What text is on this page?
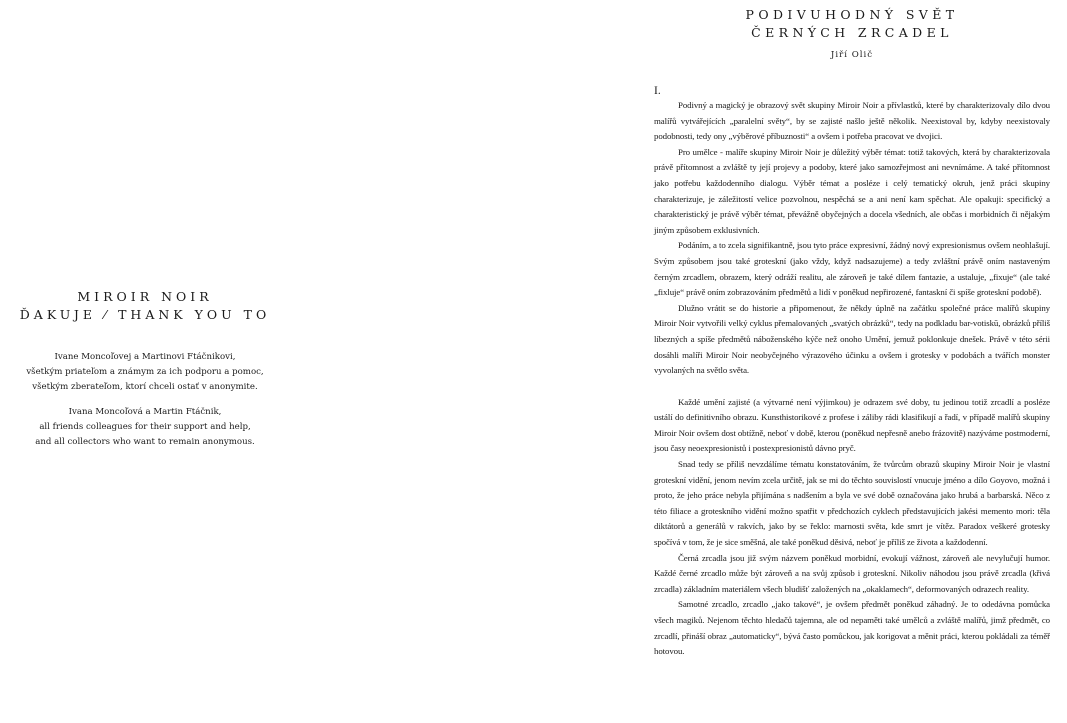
MIROIR NOIR
ĎAKUJE ⁄ THANK YOU TO
Ivane Moncoľovej a Martinovi Ftáčnikovi,
všetkým priateľom a známym za ich podporu a pomoc,
všetkým zberateľom, ktorí chceli ostať v anonymite.
Ivana Moncoľová a Martin Ftáčnik,
all friends colleagues for their support and help,
and all collectors who want to remain anonymous.
PODIVUHODNÝ SVĚT
ČERNÝCH ZRCADEL
Jiří Olič
I.

Podivný a magický je obrazový svět skupiny Miroir Noir a přívlastků, které by charakterizovaly dílo dvou malířů vytvářejících „paralelní světy“, by se zajisté našlo ještě několik. Neexistoval by, kdyby neexistovaly podobnosti, tedy ony „výběrové příbuznosti“ a ovšem i potřeba pracovat ve dvojici.

Pro umělce - malíře skupiny Miroir Noir je důležitý výběr témat: totiž takových, která by charakterizovala právě přítomnost a zvláště ty její projevy a podoby, které jako samozřejmost ani nevnímáme. A také přítomnost jako potřebu každodenního dialogu. Výběr témat a posléze i celý tematický okruh, jenž práci skupiny charakterizuje, je záležitostí velice pozvolnou, nespěchá se a ani není kam spěchat. Ale opakuji: specifický a charakteristický je právě výběr témat, převážně obyčejných a docela všedních, ale občas i morbidních či nějakým jiným způsobem exklusivních.

Podáním, a to zcela signifikantně, jsou tyto práce expresivní, žádný nový expresionismus ovšem neohlašují. Svým způsobem jsou také groteskní (jako vždy, když nadsazujeme) a tedy zvláštní právě oním nastaveným černým zrcadlem, obrazem, který odráží realitu, ale zároveň je také dílem fantazie, a ustaluje, „fixuje“ (ale také „fixluje“ právě oním zobrazováním předmětů a lidí v poněkud nepřirozené, fantaskní či spíše groteskní podobě).

Dlužno vrátit se do historie a připomenout, že někdy úplně na začátku společné práce malířů skupiny Miroir Noir vytvořili velký cyklus přemalovaných „svatých obrázků“, tedy na podkladu bar-votiskū, obrázků příliš líbezných a spíše předmětů náboženského kýče než onoho Umění, jemuž poklonkuje dnešek. Právě v této sérii dosáhli malíři Miroir Noir neobyčejného výrazového účinku a ovšem i grotesky v podobách a tvářích monster vyvolaných na světlo světa.

Každé umění zajisté (a výtvarné není výjimkou) je odrazem své doby, tu jedinou totiž zrcadlí a posléze ustálí do definitivního obrazu. Kunsthistorikové z profese i záliby rádi klasifikují a řadí, v případě malířů skupiny Miroir Noir ovšem dost obtížně, neboť v době, kterou (poněkud nepřesně anebo frázovitě) nazýváme postmoderní, jsou časy neoexpresionistů i postexpresionistů dávno pryč.

Snad tedy se příliš nevzdálíme tématu konstatováním, že tvůrcům obrazů skupiny Miroir Noir je vlastní groteskní vidění, jenom nevím zcela určitě, jak se mi do těchto souvislostí vnucuje jméno a dílo Goyovo, možná i proto, že jeho práce nebyla přijímána s nadšením a byla ve své době označována jako hrubá a barbarská. Něco z této filiace a groteskního vidění možno spatřit v předchozích cyklech představujících jakési memento mori: těla diktátorů a generálů v rakvích, jako by se řeklo: marnosti světa, kde smrt je vítěz. Paradox veškeré grotesky spočívá v tom, že je sice směšná, ale také poněkud děsivá, neboť je příliš ze života a každodenní.

Černá zrcadla jsou již svým názvem poněkud morbidní, evokují vážnost, zároveň ale nevylučují humor. Každé černé zrcadlo může být zároveň a na svůj způsob i groteskní. Nikoliv náhodou jsou právě zrcadla (křivá zrcadla) základním materiálem všech bludišť založených na „okaklamech“, deformovaných odrazech reality.

Samotné zrcadlo, zrcadlo „jako takové“, je ovšem předmět poněkud záhadný. Je to odedávna pomůcka všech magiků. Nejenom těchto hledačů tajemna, ale od nepaměti také umělců a zvláště malířů, jimž předmět, co zrcadlí, přináší obraz „automaticky“, bývá často pomůckou, jak korigovat a měnit práci, kterou pokládali za téměř hotovou.
